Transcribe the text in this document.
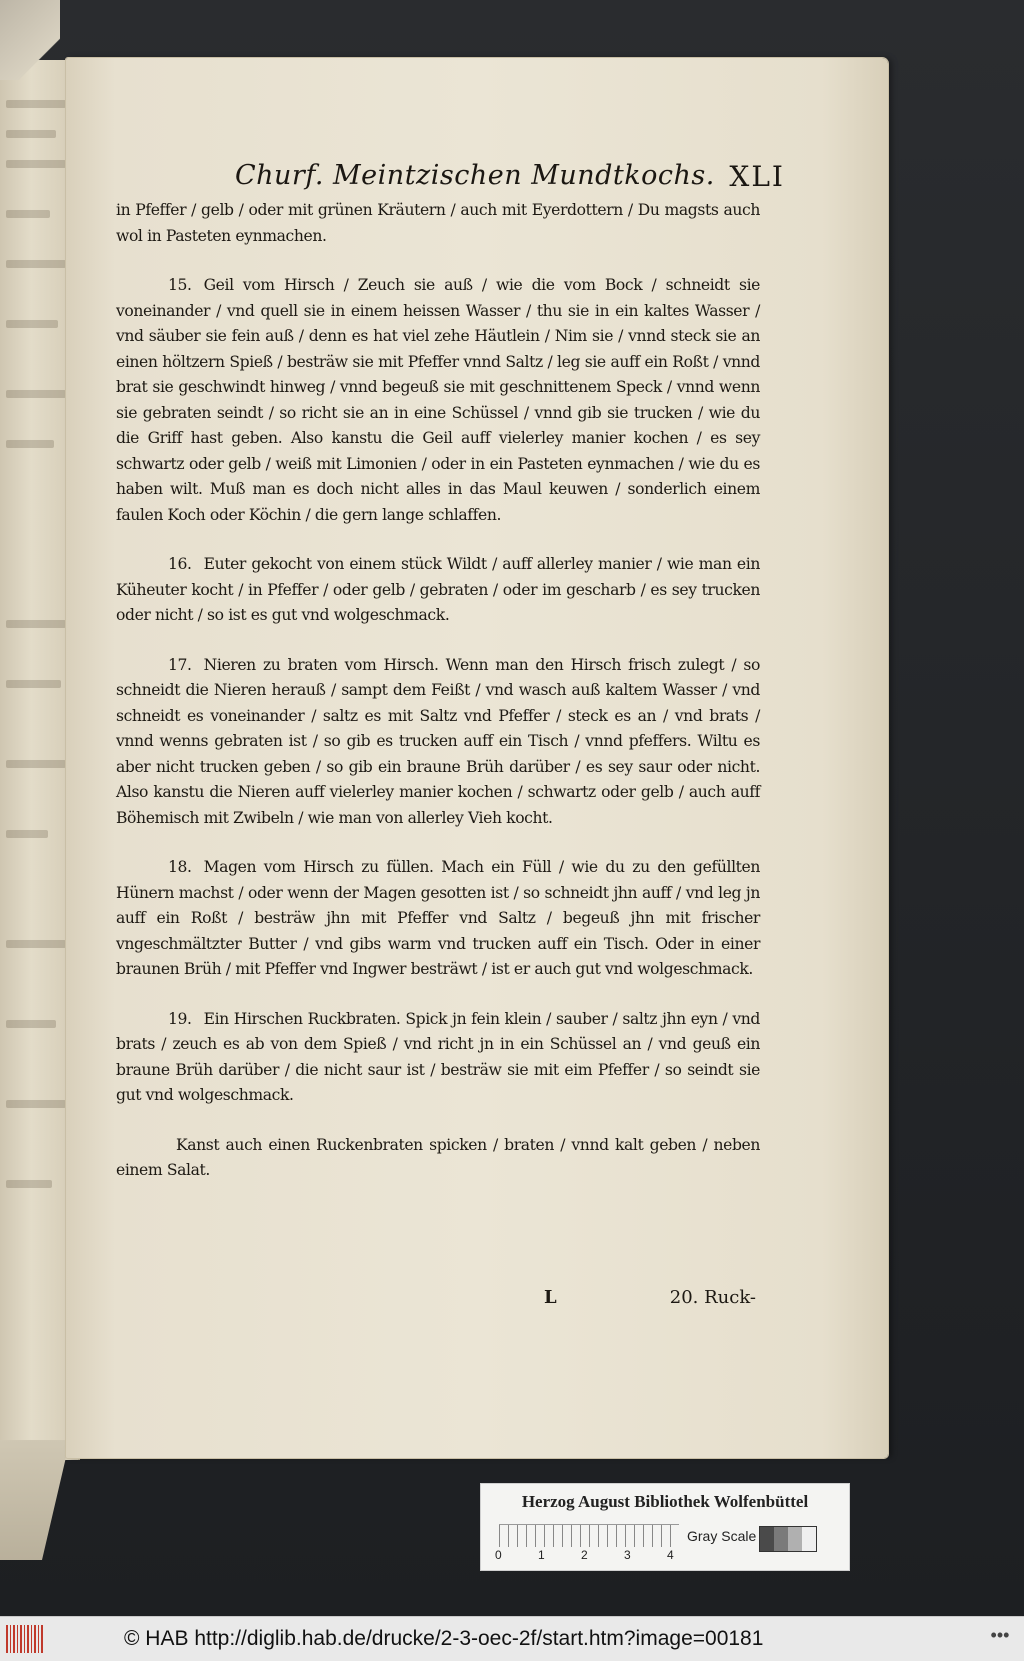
Churf. Meintzischen Mundtkochs. XLI

in Pfeffer / gelb / oder mit grünen Kräutern / auch mit Eyerdottern / Du magsts auch wol in Pasteten eynmachen.

15. Geil vom Hirsch / Zeuch sie auß / wie die vom Bock / schneidt sie voneinander / vnd quell sie in einem heissen Wasser / thu sie in ein kaltes Wasser / vnd säuber sie fein auß / denn es hat viel zehe Häutlein / Nim sie / vnnd steck sie an einen höltzern Spieß / besträw sie mit Pfeffer vnnd Saltz / leg sie auff ein Roßt / vnnd brat sie geschwindt hinweg / vnnd begeuß sie mit geschnittenem Speck / vnnd wenn sie gebraten seindt / so richt sie an in eine Schüssel / vnnd gib sie trucken / wie du die Griff hast geben. Also kanstu die Geil auff vielerley manier kochen / es sey schwartz oder gelb / weiß mit Limonien / oder in ein Pasteten eynmachen / wie du es haben wilt. Muß man es doch nicht alles in das Maul keuwen / sonderlich einem faulen Koch oder Köchin / die gern lange schlaffen.

16. Euter gekocht von einem stück Wildt / auff allerley manier / wie man ein Küheuter kocht / in Pfeffer / oder gelb / gebraten / oder im gescharb / es sey trucken oder nicht / so ist es gut vnd wolgeschmack.

17. Nieren zu braten vom Hirsch. Wenn man den Hirsch frisch zulegt / so schneidt die Nieren herauß / sampt dem Feißt / vnd wasch auß kaltem Wasser / vnd schneidt es voneinander / saltz es mit Saltz vnd Pfeffer / steck es an / vnd brats / vnnd wenns gebraten ist / so gib es trucken auff ein Tisch / vnnd pfeffers. Wiltu es aber nicht trucken geben / so gib ein braune Brüh darüber / es sey saur oder nicht. Also kanstu die Nieren auff vielerley manier kochen / schwartz oder gelb / auch auff Böhemisch mit Zwibeln / wie man von allerley Vieh kocht.

18. Magen vom Hirsch zu füllen. Mach ein Füll / wie du zu den gefüllten Hünern machst / oder wenn der Magen gesotten ist / so schneidt jhn auff / vnd leg jn auff ein Roßt / besträw jhn mit Pfeffer vnd Saltz / begeuß jhn mit frischer vngeschmältzter Butter / vnd gibs warm vnd trucken auff ein Tisch. Oder in einer braunen Brüh / mit Pfeffer vnd Ingwer besträwt / ist er auch gut vnd wolgeschmack.

19. Ein Hirschen Ruckbraten. Spick jn fein klein / sauber / saltz jhn eyn / vnd brats / zeuch es ab von dem Spieß / vnd richt jn in ein Schüssel an / vnd geuß ein braune Brüh darüber / die nicht saur ist / besträw sie mit eim Pfeffer / so seindt sie gut vnd wolgeschmack.

Kanst auch einen Ruckenbraten spicken / braten / vnnd kalt geben / neben einem Salat.

L	20. Ruck-
Herzog August Bibliothek Wolfenbüttel
0	1	2	3	4
Gray Scale
© HAB http://diglib.hab.de/drucke/2-3-oec-2f/start.htm?image=00181	•••
